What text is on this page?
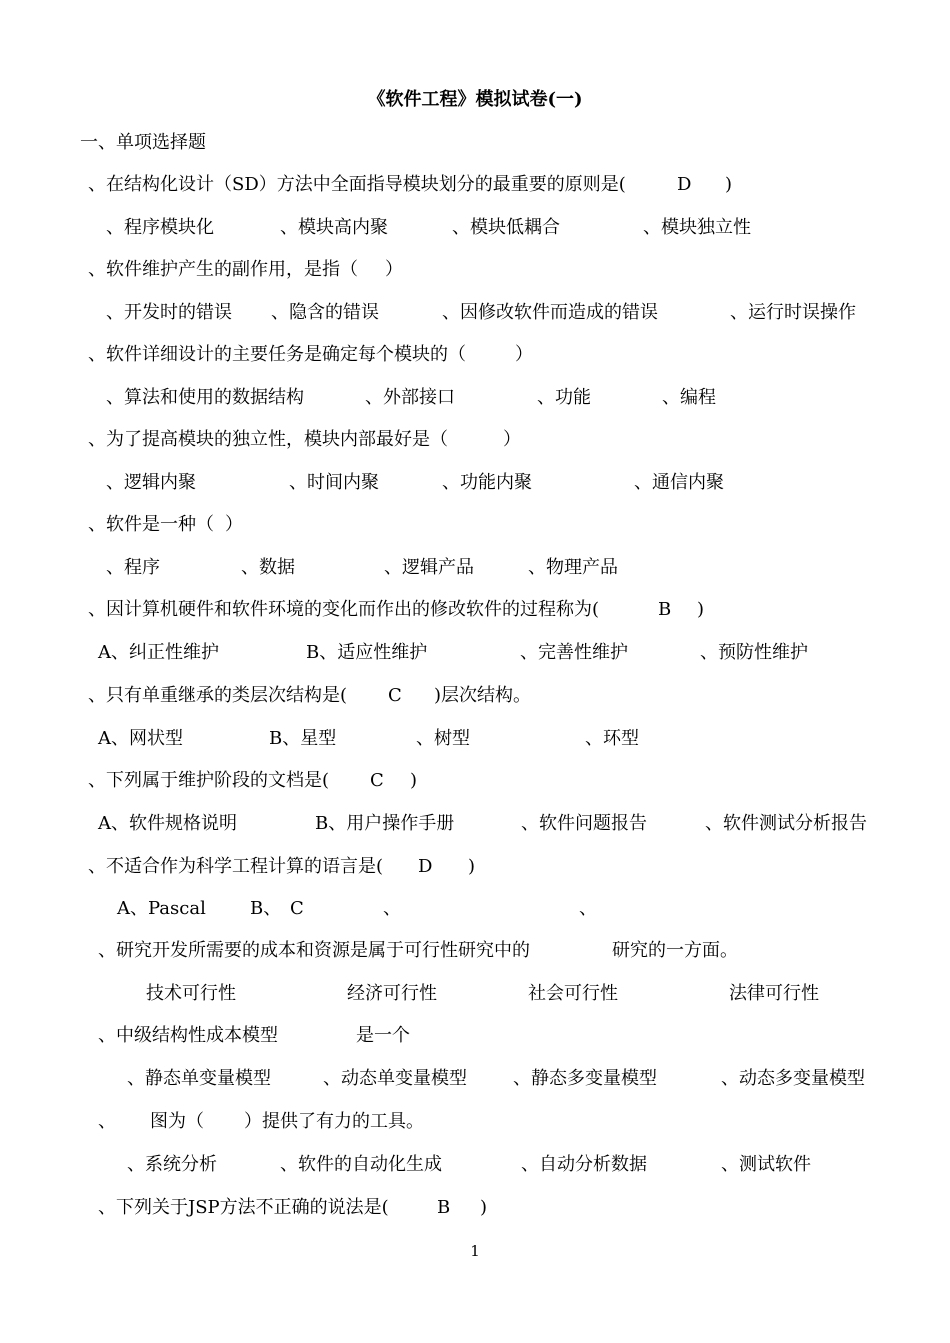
《软件工程》模拟试卷(一)
一、单项选择题
、在结构化设计（SD）方法中全面指导模块划分的最重要的原则是(	D )
、程序模块化	、模块高内聚	、模块低耦合	、模块独立性
、软件维护产生的副作用，是指（ ）
、开发时的错误 、隐含的错误	、因修改软件而造成的错误	、运行时误操作
、软件详细设计的主要任务是确定每个模块的（	）
、算法和使用的数据结构	、外部接口	、功能	、编程
、为了提高模块的独立性，模块内部最好是（	）
、逻辑内聚	、时间内聚	、功能内聚	、通信内聚
、软件是一种（ ）
、程序	、数据	、逻辑产品	、物理产品
、因计算机硬件和软件环境的变化而作出的修改软件的过程称为(	B )
A、纠正性维护	B、适应性维护	、完善性维护	、预防性维护
、只有单重继承的类层次结构是( C )层次结构。
A、网状型	B、星型	、树型	、环型
、下列属于维护阶段的文档是( C )
A、软件规格说明	B、用户操作手册	、软件问题报告	、软件测试分析报告
、不适合作为科学工程计算的语言是( D )
A、Pascal B、 C	、	、
、研究开发所需要的成本和资源是属于可行性研究中的	研究的一方面。
技术可行性	经济可行性	社会可行性	法律可行性
、中级结构性成本模型	是一个
、静态单变量模型	、动态单变量模型	、静态多变量模型	、动态多变量模型
、 图为（ ）提供了有力的工具。
、系统分析	、软件的自动化生成	、自动分析数据	、测试软件
、下列关于JSP方法不正确的说法是(	B )
1
